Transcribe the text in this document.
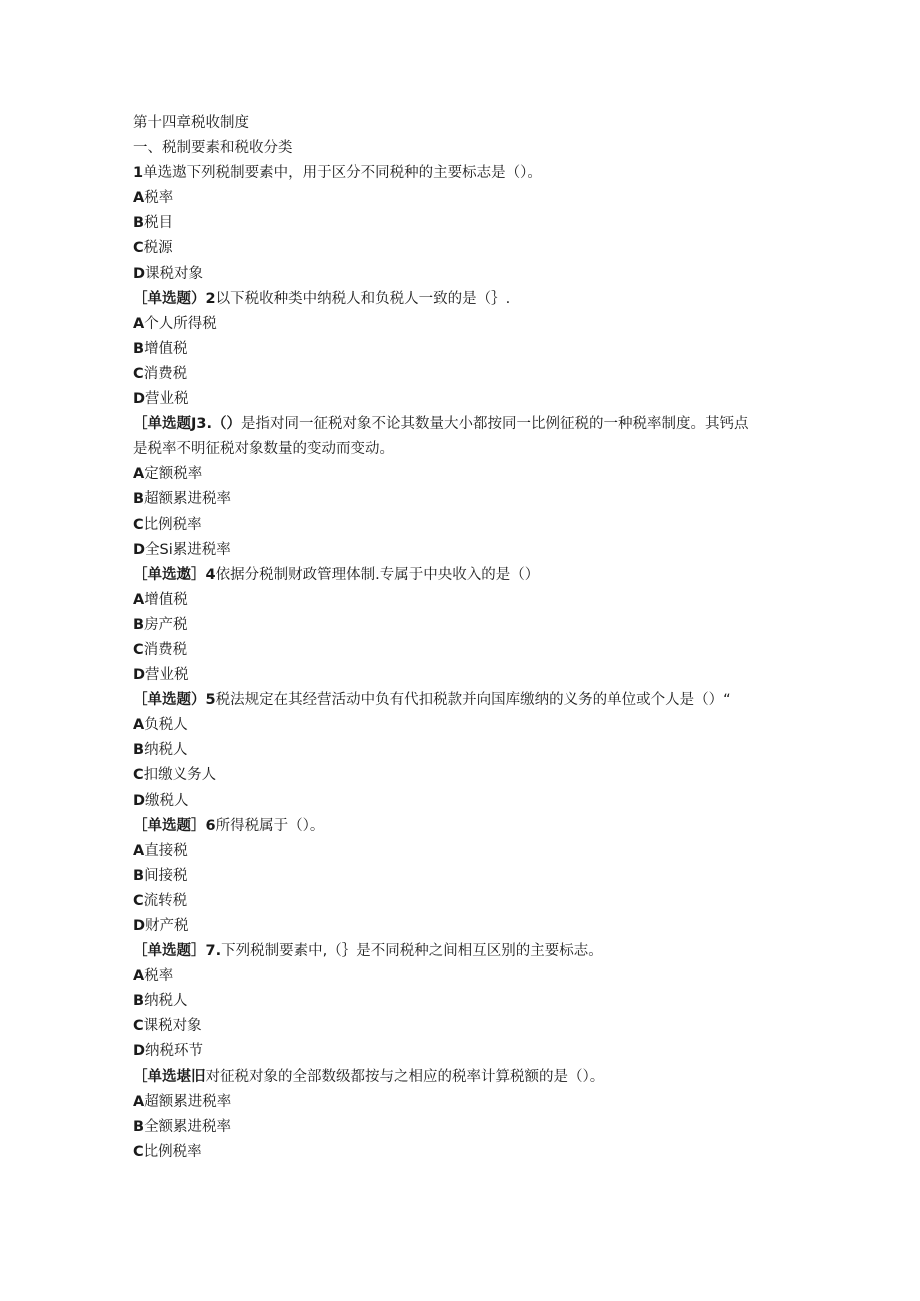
第十四章税收制度
一、税制要素和税收分类
1单选遨下列税制要素中，用于区分不同税种的主要标志是（）。
A税率
B税目
C税源
D课税对象
［单选题）2以下税收种类中纳税人和负税人一致的是（｝.
A个人所得税
B增值税
C消费税
D营业税
［单选题J3.（）是指对同一征税对象不论其数量大小都按同一比例征税的一种税率制度。其钙点
是税率不明征税对象数量的变动而变动。
A定额税率
B超额累进税率
C比例税率
D全Si累进税率
［单选遨］4依据分税制财政管理体制.专属于中央收入的是（）
A增值税
B房产税
C消费税
D营业税
［单选题）5税法规定在其经营活动中负有代扣税款并向国库缴纳的义务的单位或个人是（）“
A负税人
B纳税人
C扣缴义务人
D缴税人
［单选题］6所得税属于（）。
A直接税
B间接税
C流转税
D财产税
［单选题］7.下列税制要素中,（｝是不同税种之间相互区别的主要标志。
A税率
B纳税人
C课税对象
D纳税环节
［单选堪旧对征税对象的全部数级都按与之相应的税率计算税额的是（）。
A超额累进税率
B全额累进税率
C比例税率
